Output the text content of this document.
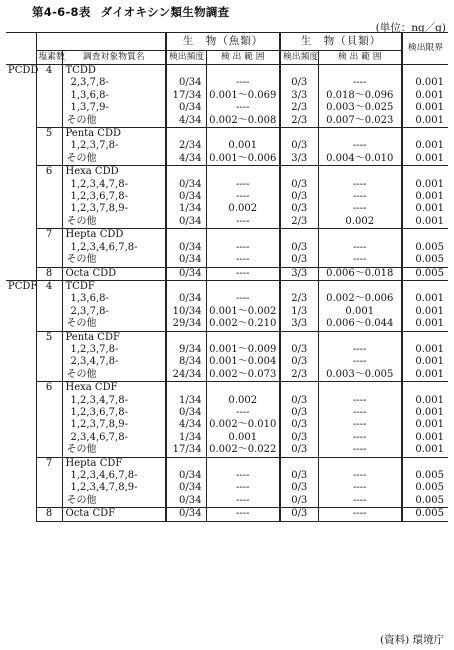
第4-6-8表 ダイオキシン類生物調査
(単位：ng／g)
			生　物（魚類）		生　物（貝類）		検出限界
	塩素数	調査対象物質名	検出頻度	検 出 範 囲	検出頻度	検 出 範 囲	
PCDD	4	TCDD					
		2,3,7,8-	0/34	----	0/3	----	0.001
		1,3,6,8-	17/34	0.001～0.069	3/3	0.018～0.096	0.001
		1,3,7,9-	0/34	----	2/3	0.003～0.025	0.001
		その他	4/34	0.002～0.008	2/3	0.007～0.023	0.001
	5	Penta CDD					
		1,2,3,7,8-	2/34	0.001	0/3	----	0.001
		その他	4/34	0.001～0.006	3/3	0.004～0.010	0.001
	6	Hexa CDD					
		1,2,3,4,7,8-	0/34	----	0/3	----	0.001
		1,2,3,6,7,8-	0/34	----	0/3	----	0.001
		1,2,3,7,8,9-	1/34	0.002	0/3	----	0.001
		その他	0/34	----	2/3	0.002	0.001
	7	Hepta CDD					
		1,2,3,4,6,7,8-	0/34	----	0/3	----	0.005
		その他	0/34	----	0/3	----	0.005
	8	Octa CDD	0/34	----	3/3	0.006～0.018	0.005
PCDF	4	TCDF					
		1,3,6,8-	0/34	----	2/3	0.002～0.006	0.001
		2,3,7,8-	10/34	0.001～0.002	1/3	0.001	0.001
		その他	29/34	0.002～0.210	3/3	0.006～0.044	0.001
	5	Penta CDF					
		1,2,3,7,8-	9/34	0.001～0.009	0/3	----	0.001
		2,3,4,7,8-	8/34	0.001～0.004	0/3	----	0.001
		その他	24/34	0.002～0.073	2/3	0.003～0.005	0.001
	6	Hexa CDF					
		1,2,3,4,7,8-	1/34	0.002	0/3	----	0.001
		1,2,3,6,7,8-	0/34	----	0/3	----	0.001
		1,2,3,7,8,9-	4/34	0.002～0.010	0/3	----	0.001
		2,3,4,6,7,8-	1/34	0.001	0/3	----	0.001
		その他	17/34	0.002～0.022	0/3	----	0.001
	7	Hepta CDF					
		1,2,3,4,6,7,8-	0/34	----	0/3	----	0.005
		1,2,3,4,7,8,9-	0/34	----	0/3	----	0.005
		その他	0/34	----	0/3	----	0.005
	8	Octa CDF	0/34	----	0/3	----	0.005
(資料) 環境庁
